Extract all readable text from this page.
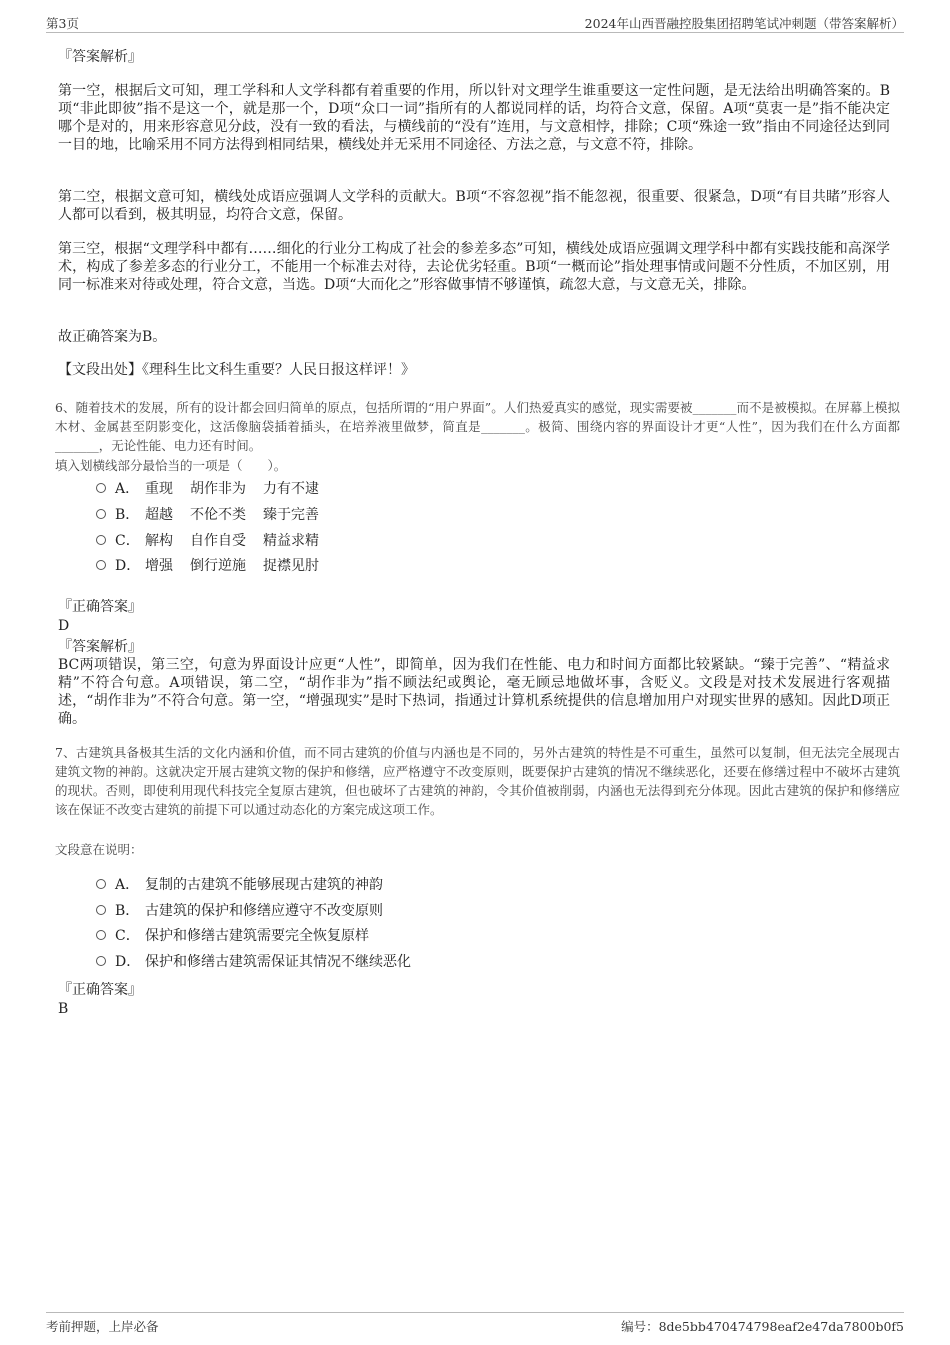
第3页	2024年山西晋融控股集团招聘笔试冲刺题（带答案解析）
『答案解析』
第一空，根据后文可知，理工学科和人文学科都有着重要的作用，所以针对文理学生谁重要这一定性问题，是无法给出明确答案的。B项“非此即彼”指不是这一个，就是那一个，D项“众口一词”指所有的人都说同样的话，均符合文意，保留。A项“莫衷一是”指不能决定哪个是对的，用来形容意见分歧，没有一致的看法，与横线前的“没有”连用，与文意相悖，排除；C项“殊途一致”指由不同途径达到同一目的地，比喻采用不同方法得到相同结果，横线处并无采用不同途径、方法之意，与文意不符，排除。
第二空，根据文意可知，横线处成语应强调人文学科的贡献大。B项“不容忽视”指不能忽视，很重要、很紧急，D项“有目共睹”形容人人都可以看到，极其明显，均符合文意，保留。
第三空，根据“文理学科中都有……细化的行业分工构成了社会的参差多态”可知，横线处成语应强调文理学科中都有实践技能和高深学术，构成了参差多态的行业分工，不能用一个标准去对待，去论优劣轻重。B项“一概而论”指处理事情或问题不分性质，不加区别，用同一标准来对待或处理，符合文意，当选。D项“大而化之”形容做事情不够谨慎，疏忽大意，与文意无关，排除。
故正确答案为B。
【文段出处】《理科生比文科生重要？人民日报这样评！》
6、随着技术的发展，所有的设计都会回归简单的原点，包括所谓的“用户界面”。人们热爱真实的感觉，现实需要被_______而不是被模拟。在屏幕上模拟木材、金属甚至阴影变化，这活像脑袋插着插头，在培养液里做梦，简直是_______。极简、围绕内容的界面设计才更“人性”，因为我们在什么方面都_______，无论性能、电力还有时间。
填入划横线部分最恰当的一项是（　　）。
A． 重现 胡作非为 力有不逮
B． 超越 不伦不类 臻于完善
C． 解构 自作自受 精益求精
D． 增强 倒行逆施 捉襟见肘
『正确答案』
D
『答案解析』
BC两项错误，第三空，句意为界面设计应更“人性”，即简单，因为我们在性能、电力和时间方面都比较紧缺。“臻于完善”、“精益求精”不符合句意。A项错误，第二空，“胡作非为”指不顾法纪或舆论，毫无顾忌地做坏事，含贬义。文段是对技术发展进行客观描述，“胡作非为”不符合句意。第一空，“增强现实”是时下热词，指通过计算机系统提供的信息增加用户对现实世界的感知。因此D项正确。
7、古建筑具备极其生活的文化内涵和价值，而不同古建筑的价值与内涵也是不同的，另外古建筑的特性是不可重生，虽然可以复制，但无法完全展现古建筑文物的神韵。这就决定开展古建筑文物的保护和修缮，应严格遵守不改变原则，既要保护古建筑的情况不继续恶化，还要在修缮过程中不破坏古建筑的现状。否则，即使利用现代科技完全复原古建筑，但也破坏了古建筑的神韵，令其价值被削弱，内涵也无法得到充分体现。因此古建筑的保护和修缮应该在保证不改变古建筑的前提下可以通过动态化的方案完成这项工作。
文段意在说明：
A． 复制的古建筑不能够展现古建筑的神韵
B． 古建筑的保护和修缮应遵守不改变原则
C． 保护和修缮古建筑需要完全恢复原样
D． 保护和修缮古建筑需保证其情况不继续恶化
『正确答案』
B
考前押题，上岸必备	编号：8de5bb470474798eaf2e47da7800b0f5
